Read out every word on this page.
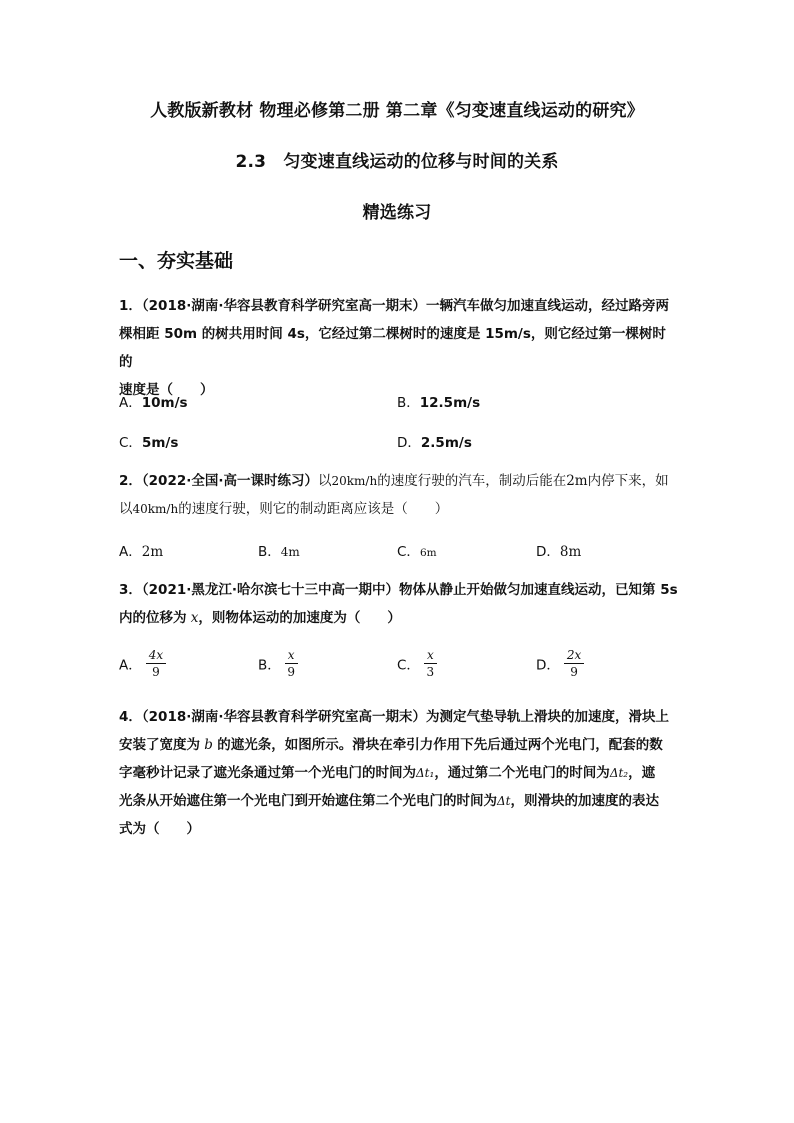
人教版新教材 物理必修第二册 第二章《匀变速直线运动的研究》
2.3　匀变速直线运动的位移与时间的关系
精选练习
一、夯实基础
1．（2018·湖南·华容县教育科学研究室高一期末）一辆汽车做匀加速直线运动，经过路旁两
棵相距 50m 的树共用时间 4s，它经过第二棵树时的速度是 15m/s，则它经过第一棵树时的
速度是（　　）
A．10m/s	B．12.5m/s
C．5m/s	D．2.5m/s
2．（2022·全国·高一课时练习）以20km/h的速度行驶的汽车，制动后能在2m内停下来，如
以40km/h的速度行驶，则它的制动距离应该是（　　）
A．2m	B．4m	C．6m	D．8m
3．（2021·黑龙江·哈尔滨七十三中高一期中）物体从静止开始做匀加速直线运动，已知第 5s
内的位移为 x，则物体运动的加速度为（　　）
A． $\frac{4x}{9}$	B． $\frac{x}{9}$	C． $\frac{x}{3}$	D． $\frac{2x}{9}$
4．（2018·湖南·华容县教育科学研究室高一期末）为测定气垫导轨上滑块的加速度，滑块上
安装了宽度为 b 的遮光条，如图所示。滑块在牵引力作用下先后通过两个光电门，配套的数
字毫秒计记录了遮光条通过第一个光电门的时间为Δt₁，通过第二个光电门的时间为Δt₂，遮
光条从开始遮住第一个光电门到开始遮住第二个光电门的时间为Δt，则滑块的加速度的表达
式为（　　）
